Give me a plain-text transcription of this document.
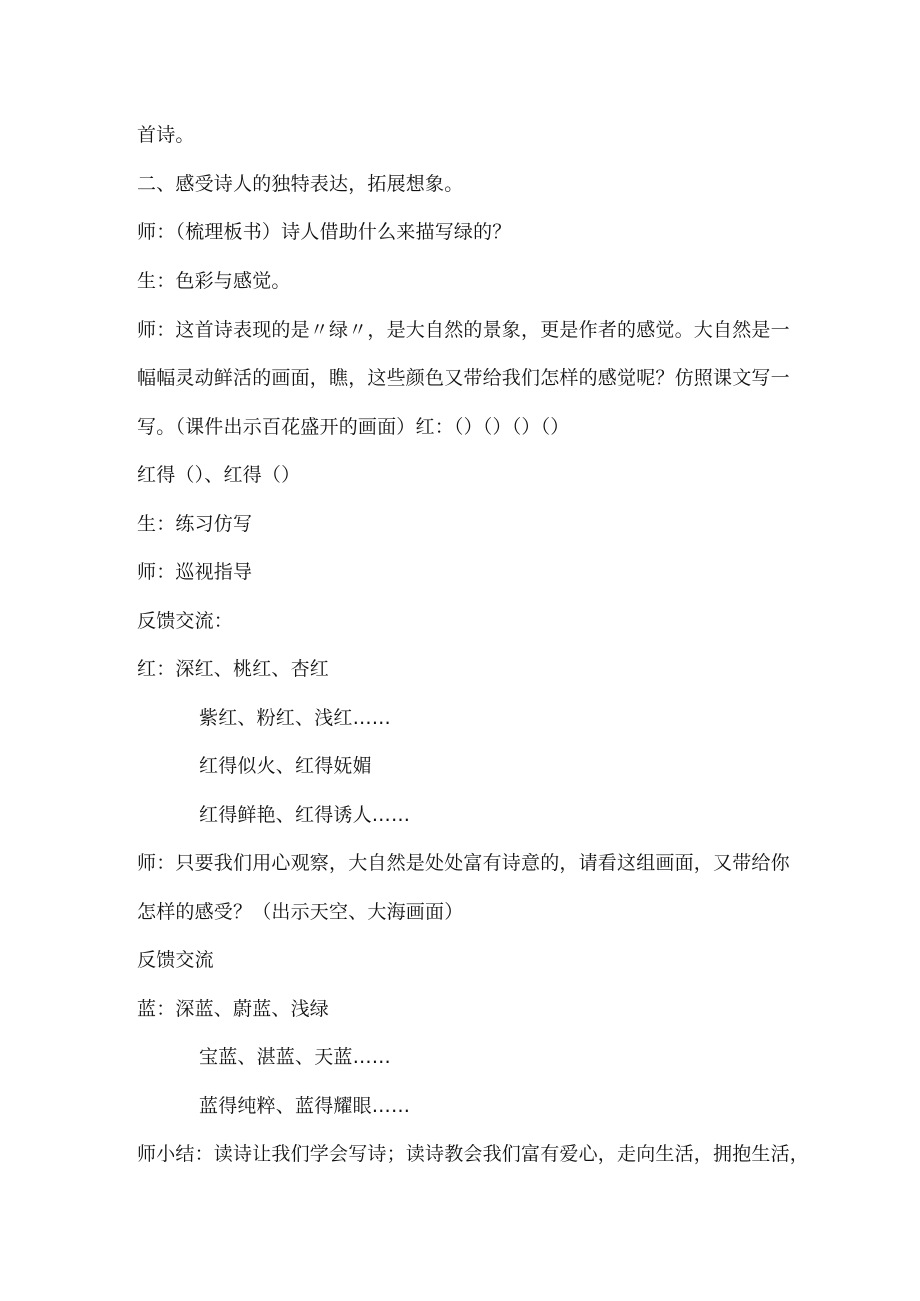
首诗。
二、感受诗人的独特表达，拓展想象。
师：（梳理板书）诗人借助什么来描写绿的？
生：色彩与感觉。
师：这首诗表现的是〃绿〃，是大自然的景象，更是作者的感觉。大自然是一
幅幅灵动鲜活的画面，瞧，这些颜色又带给我们怎样的感觉呢？仿照课文写一
写。（课件出示百花盛开的画面）红：（）（）（）（）
红得（）、红得（）
生：练习仿写
师：巡视指导
反馈交流：
红：深红、桃红、杏红
紫红、粉红、浅红……
红得似火、红得妩媚
红得鲜艳、红得诱人……
师：只要我们用心观察，大自然是处处富有诗意的，请看这组画面，又带给你
怎样的感受？（出示天空、大海画面）
反馈交流
蓝：深蓝、蔚蓝、浅绿
宝蓝、湛蓝、天蓝……
蓝得纯粹、蓝得耀眼……
师小结：读诗让我们学会写诗；读诗教会我们富有爱心，走向生活，拥抱生活，
